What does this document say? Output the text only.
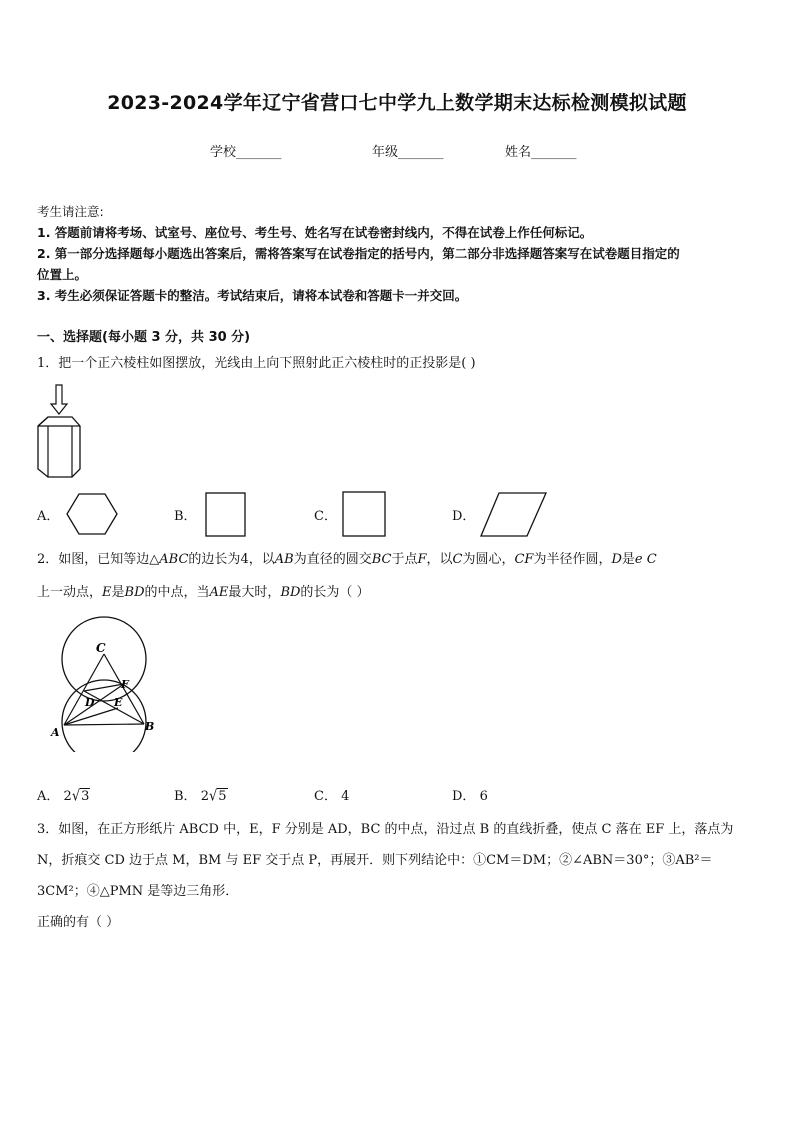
2023-2024学年辽宁省营口七中学九上数学期末达标检测模拟试题
学校_______	年级_______	姓名_______
考生请注意:
1. 答题前请将考场、试室号、座位号、考生号、姓名写在试卷密封线内，不得在试卷上作任何标记。
2. 第一部分选择题每小题选出答案后，需将答案写在试卷指定的括号内，第二部分非选择题答案写在试卷题目指定的
位置上。
3. 考生必须保证答题卡的整洁。考试结束后，请将本试卷和答题卡一并交回。
一、选择题(每小题 3 分，共 30 分)
1．把一个正六棱柱如图摆放，光线由上向下照射此正六棱柱时的正投影是( )
A．	B．	C．	D．
2．如图，已知等边△ABC的边长为4，以AB为直径的圆交BC于点F，以C为圆心，CF为半径作圆，D是e C
上一动点，E是BD的中点，当AE最大时，BD的长为（ ）
C
F
D E
A	B
A． 2√3	B． 2√5	C． 4	D． 6
3．如图，在正方形纸片 ABCD 中，E，F 分别是 AD，BC 的中点，沿过点 B 的直线折叠，使点 C 落在 EF 上，落点为
N，折痕交 CD 边于点 M，BM 与 EF 交于点 P，再展开．则下列结论中：①CM＝DM；②∠ABN＝30°；③AB²＝
3CM²；④△PMN 是等边三角形．
正确的有（ ）
